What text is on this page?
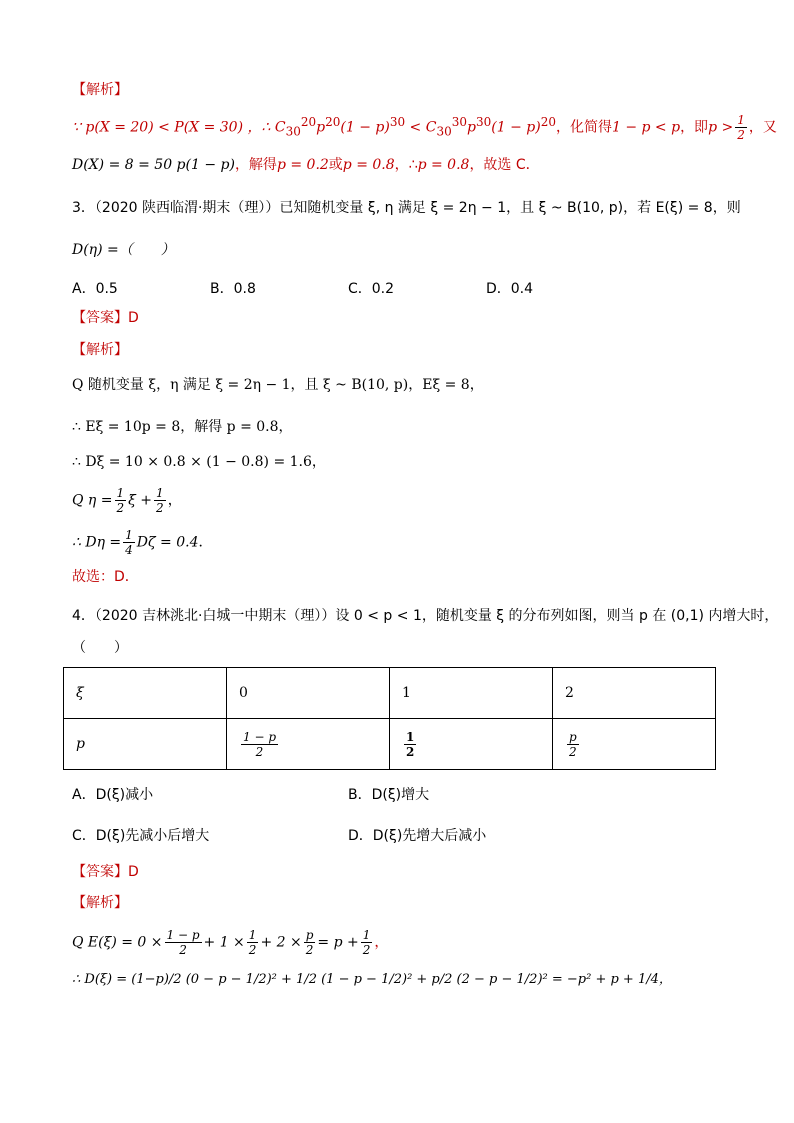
【解析】
∵ p(X = 20) < P(X = 30) ，∴ $C_{30}^{20}p^{20}(1 - p)^{30} < C_{30}^{30}p^{30}(1 - p)^{20}$，化简得1 − p < p，即$p > \frac{1}{2}$ ，又
D(X) = 8 = 50 p(1 − p)，解得p = 0.2或p = 0.8，∴p = 0.8，故选 C．
3．（2020 陕西临渭·期末（理））已知随机变量 ξ, η 满足 ξ = 2η − 1，且 ξ ~ B(10, p)，若 E(ξ) = 8，则
D(η) =（　　）
A．0.5	B．0.8	C．0.2	D．0.4
【答案】D
【解析】
Q 随机变量 ξ，η 满足 ξ = 2η − 1，且 ξ ~ B(10, p)，Eξ = 8，
∴ Eξ = 10p = 8，解得 p = 0.8，
∴ Dξ = 10 × 0.8 × (1 − 0.8) = 1.6，
Q $\eta = \frac{1}{2}$ $\xi + \frac{1}{2}$ ，
∴ $D\eta = \frac{1}{4}$ Dζ = 0.4．
故选：D．
4．（2020 吉林洮北·白城一中期末（理））设 0 < p < 1，随机变量 ξ 的分布列如图，则当 p 在 (0,1) 内增大时，
（　　）
ξ	0	1	2
p	$\frac{1 - p}{2}$	$\frac{1}{2}$	$\frac{p}{2}$
A．D(ξ)减小	B．D(ξ)增大
C．D(ξ)先减小后增大	D．D(ξ)先增大后减小
【答案】D
【解析】
Q $E(\xi) = 0 \times \frac{1 - p}{2} + 1 \times \frac{1}{2} + 2 \times \frac{p}{2} = p + \frac{1}{2}$ ，
∴ D(ξ) = (1−p)/2 (0 − p − 1/2)² + 1/2 (1 − p − 1/2)² + p/2 (2 − p − 1/2)² = −p² + p + 1/4，
